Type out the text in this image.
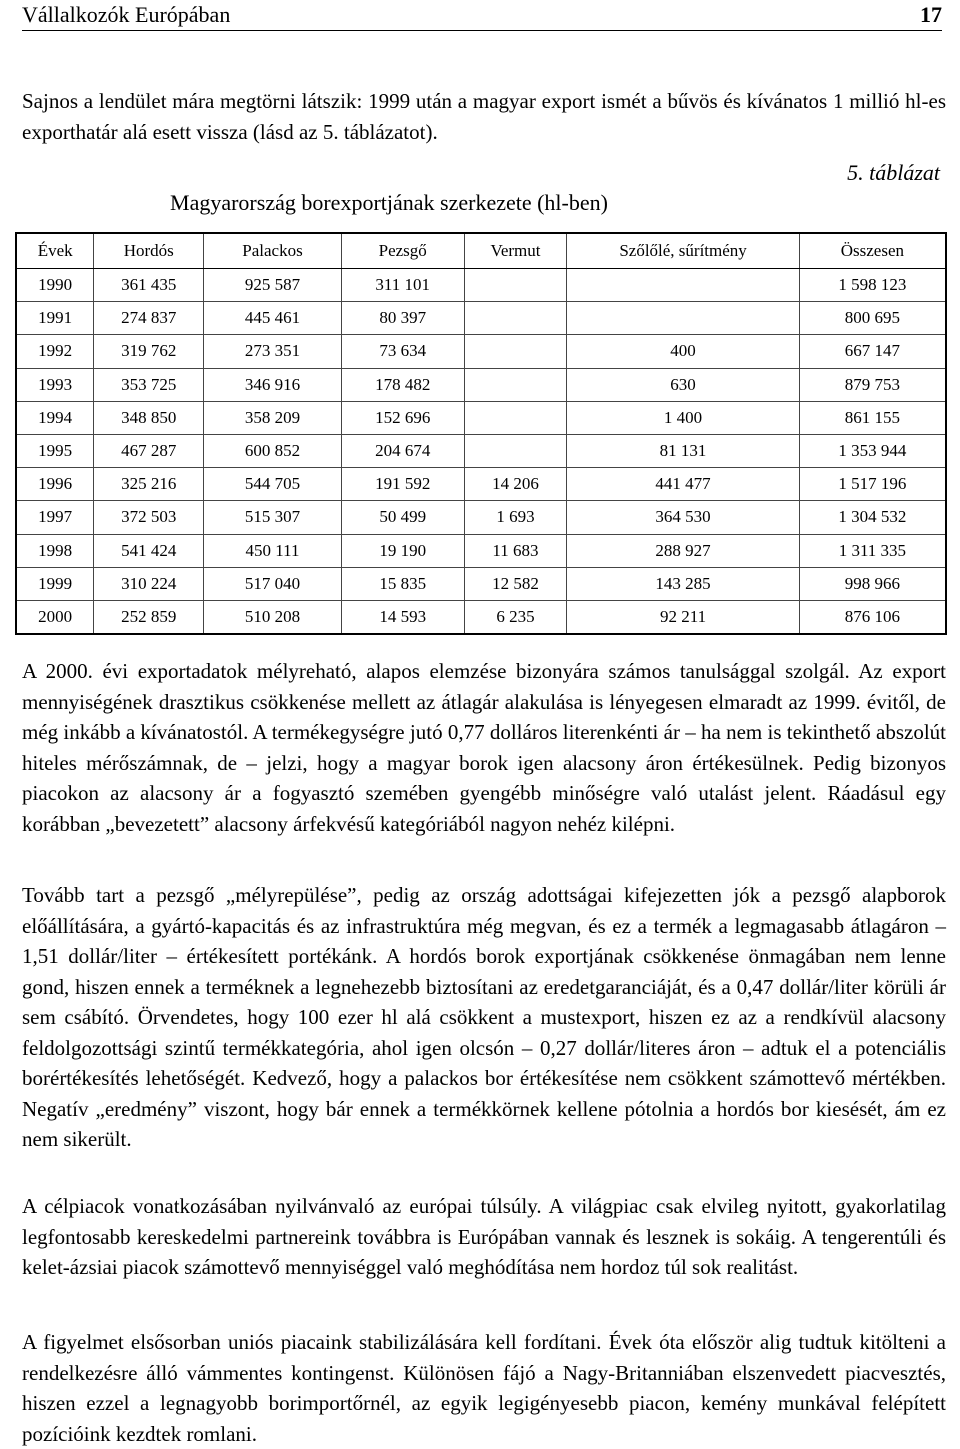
Vállalkozók Európában	17

Sajnos a lendület mára megtörni látszik: 1999 után a magyar export ismét a bűvös és kívánatos 1 millió hl-es exporthatár alá esett vissza (lásd az 5. táblázatot).

5. táblázat
Magyarország borexportjának szerkezete (hl-ben)
Évek	Hordós	Palackos	Pezsgő	Vermut	Szőlőlé, sűrítmény	Összesen
1990	361 435	925 587	311 101			1 598 123
1991	274 837	445 461	80 397			800 695
1992	319 762	273 351	73 634		400	667 147
1993	353 725	346 916	178 482		630	879 753
1994	348 850	358 209	152 696		1 400	861 155
1995	467 287	600 852	204 674		81 131	1 353 944
1996	325 216	544 705	191 592	14 206	441 477	1 517 196
1997	372 503	515 307	50 499	1 693	364 530	1 304 532
1998	541 424	450 111	19 190	11 683	288 927	1 311 335
1999	310 224	517 040	15 835	12 582	143 285	998 966
2000	252 859	510 208	14 593	6 235	92 211	876 106

A 2000. évi exportadatok mélyreható, alapos elemzése bizonyára számos tanulsággal szolgál. Az export mennyiségének drasztikus csökkenése mellett az átlagár alakulása is lényegesen elmaradt az 1999. évitől, de még inkább a kívánatostól. A termékegységre jutó 0,77 dolláros literenkénti ár – ha nem is tekinthető abszolút hiteles mérőszámnak, de – jelzi, hogy a magyar borok igen alacsony áron értékesülnek. Pedig bizonyos piacokon az alacsony ár a fogyasztó szemében gyengébb minőségre való utalást jelent. Ráadásul egy korábban „bevezetett” alacsony árfekvésű kategóriából nagyon nehéz kilépni.

Tovább tart a pezsgő „mélyrepülése”, pedig az ország adottságai kifejezetten jók a pezsgő alapborok előállítására, a gyártó-kapacitás és az infrastruktúra még megvan, és ez a termék a legmagasabb átlagáron – 1,51 dollár/liter – értékesített portékánk. A hordós borok exportjának csökkenése önmagában nem lenne gond, hiszen ennek a terméknek a legnehezebb biztosítani az eredetgaranciáját, és a 0,47 dollár/liter körüli ár sem csábító. Örvendetes, hogy 100 ezer hl alá csökkent a mustexport, hiszen ez az a rendkívül alacsony feldolgozottsági szintű termékkategória, ahol igen olcsón – 0,27 dollár/literes áron – adtuk el a potenciális borértékesítés lehetőségét. Kedvező, hogy a palackos bor értékesítése nem csökkent számottevő mértékben. Negatív „eredmény” viszont, hogy bár ennek a termékkörnek kellene pótolnia a hordós bor kiesését, ám ez nem sikerült.

A célpiacok vonatkozásában nyilvánvaló az európai túlsúly. A világpiac csak elvileg nyitott, gyakorlatilag legfontosabb kereskedelmi partnereink továbbra is Európában vannak és lesznek is sokáig. A tengerentúli és kelet-ázsiai piacok számottevő mennyiséggel való meghódítása nem hordoz túl sok realitást.

A figyelmet elsősorban uniós piacaink stabilizálására kell fordítani. Évek óta először alig tudtuk kitölteni a rendelkezésre álló vámmentes kontingenst. Különösen fájó a Nagy-Britanniában elszenvedett piacvesztés, hiszen ezzel a legnagyobb borimportőrnél, az egyik legigényesebb piacon, kemény munkával felépített pozícióink kezdtek romlani.
